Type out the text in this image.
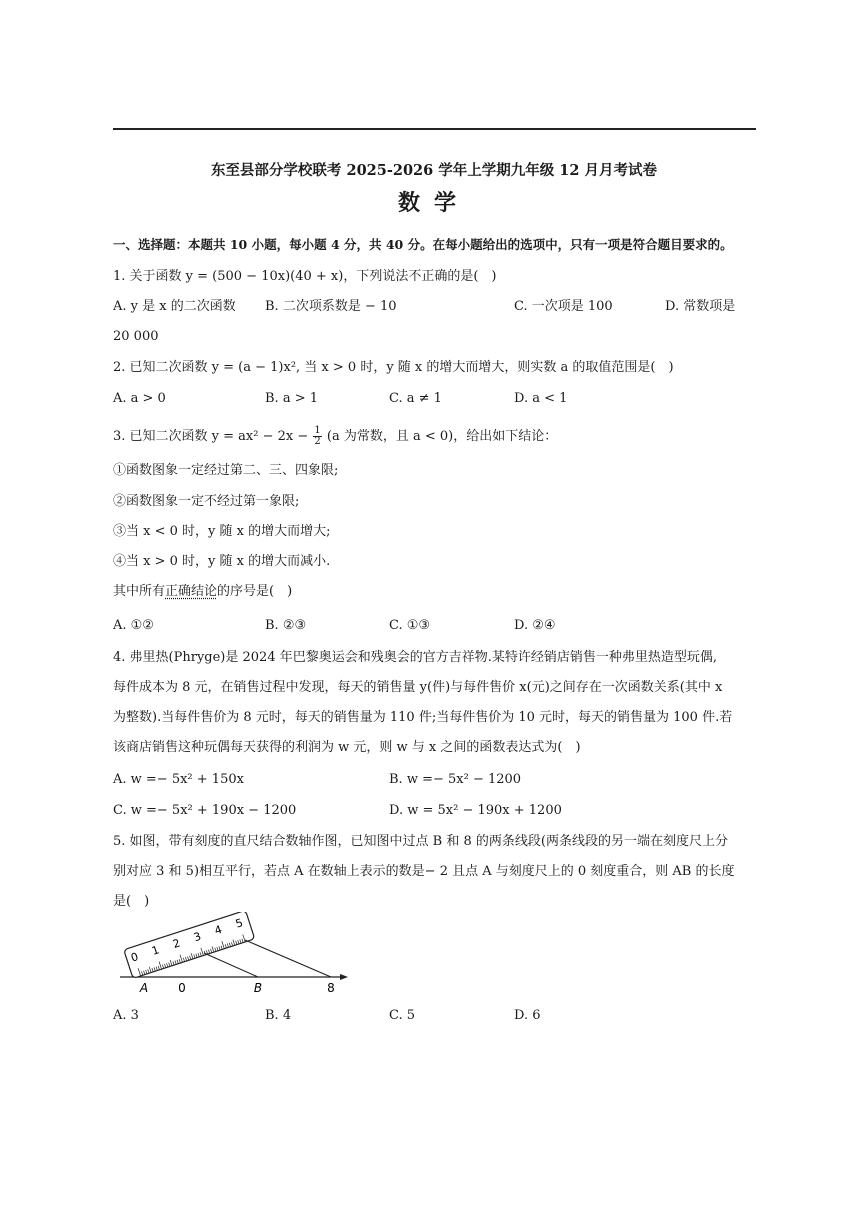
东至县部分学校联考 2025-2026 学年上学期九年级 12 月月考试卷
数学
一、选择题：本题共 10 小题，每小题 4 分，共 40 分。在每小题给出的选项中，只有一项是符合题目要求的。
1. 关于函数 y = (500 − 10x)(40 + x)，下列说法不正确的是(　)
A. y 是 x 的二次函数 B. 二次项系数是 − 10	C. 一次项是 100	D. 常数项是
20 000
2. 已知二次函数 y = (a − 1)x², 当 x > 0 时，y 随 x 的增大而增大，则实数 a 的取值范围是(　)
A. a > 0	B. a > 1	C. a ≠ 1	D. a < 1
3. 已知二次函数 $y = ax^2 - 2x - \frac{1}{2} (a$ 为常数，且 a < 0)，给出如下结论：
①函数图象一定经过第二、三、四象限;
②函数图象一定不经过第一象限;
③当 x < 0 时，y 随 x 的增大而增大;
④当 x > 0 时，y 随 x 的增大而减小.
其中所有正确结论的序号是(　)
A. ①②	B. ②③	C. ①③	D. ②④
4. 弗里热(Phryge)是 2024 年巴黎奥运会和残奥会的官方吉祥物.某特许经销店销售一种弗里热造型玩偶,
每件成本为 8 元，在销售过程中发现，每天的销售量 y(件)与每件售价 x(元)之间存在一次函数关系(其中 x
为整数).当每件售价为 8 元时，每天的销售量为 110 件;当每件售价为 10 元时，每天的销售量为 100 件.若
该商店销售这种玩偶每天获得的利润为 w 元，则 w 与 x 之间的函数表达式为(　)
A. w =− 5x² + 150x	B. w =− 5x² − 1200
C. w =− 5x² + 190x − 1200	D. w = 5x² − 190x + 1200
5. 如图，带有刻度的直尺结合数轴作图，已知图中过点 B 和 8 的两条线段(两条线段的另一端在刻度尺上分
别对应 3 和 5)相互平行，若点 A 在数轴上表示的数是− 2 且点 A 与刻度尺上的 0 刻度重合，则 AB 的长度
是(　)
0 1 2 3 4 5
A	0	B	8
A. 3	B. 4	C. 5	D. 6
